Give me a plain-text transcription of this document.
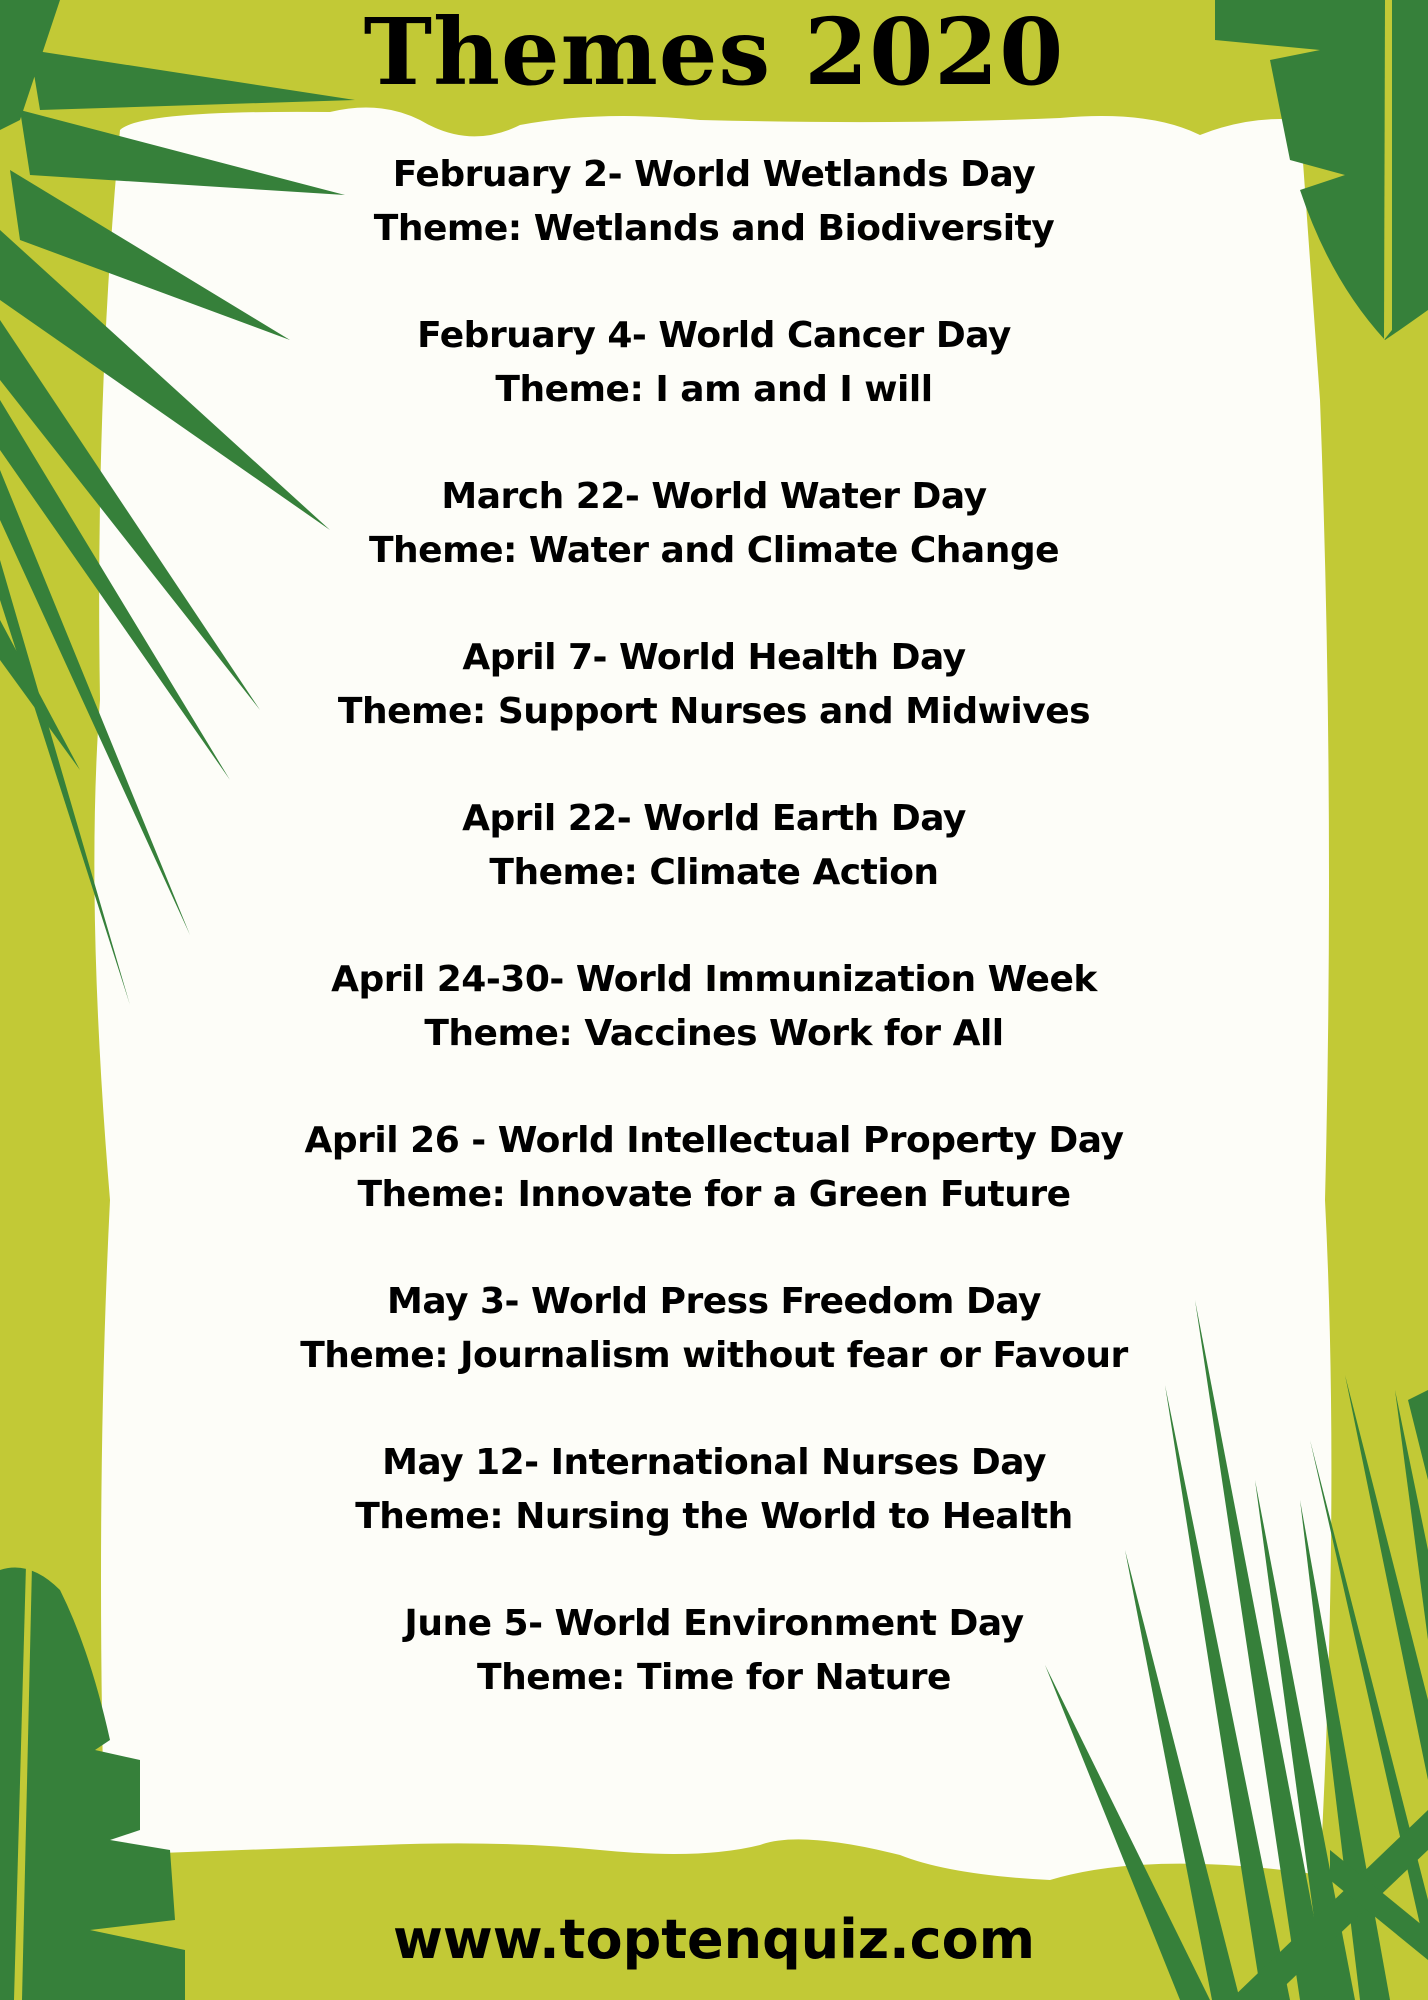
Themes 2020
February 2- World Wetlands Day
Theme: Wetlands and Biodiversity
February 4- World Cancer Day
Theme: I am and I will
March 22- World Water Day
Theme: Water and Climate Change
April 7- World Health Day
Theme: Support Nurses and Midwives
April 22- World Earth Day
Theme: Climate Action
April 24-30- World Immunization Week
Theme: Vaccines Work for All
April 26 - World Intellectual Property Day
Theme: Innovate for a Green Future
May 3- World Press Freedom Day
Theme: Journalism without fear or Favour
May 12- International Nurses Day
Theme: Nursing the World to Health
June 5- World Environment Day
Theme: Time for Nature
www.toptenquiz.com
